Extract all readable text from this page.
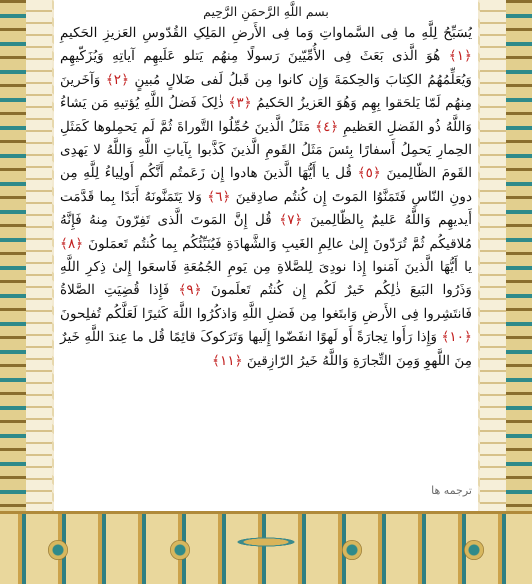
بسم اللَّهِ الرَّحمَنِ الرَّحِيم
يُسَبِّحُ لِلَّهِ ما فِی السَّماواتِ وَما فِی الأَرضِ المَلِکِ القُدّوسِ العَزيزِ الحَکيمِ ﴿١﴾ هُوَ الَّذی بَعَثَ فِی الأُمِّيّينَ رَسولًا مِنهُم يَتلو عَلَيهِم آياتِهِ وَيُزَکّيهِم وَيُعَلِّمُهُمُ الکِتابَ وَالحِکمَةَ وَإِن کانوا مِن قَبلُ لَفی ضَلالٍ مُبينٍ ﴿٢﴾ وَآخَرينَ مِنهُم لَمّا يَلحَقوا بِهِم وَهُوَ العَزيزُ الحَکيمُ ﴿٣﴾ ذٰلِکَ فَضلُ اللَّهِ يُؤتيهِ مَن يَشاءُ وَاللَّهُ ذُو الفَضلِ العَظيمِ ﴿٤﴾ مَثَلُ الَّذينَ حُمِّلُوا التَّوراةَ ثُمَّ لَم يَحمِلوها کَمَثَلِ الحِمارِ يَحمِلُ أَسفارًا بِئسَ مَثَلُ القَومِ الَّذينَ کَذَّبوا بِآياتِ اللَّهِ وَاللَّهُ لا يَهدِی القَومَ الظّالِمينَ ﴿٥﴾ قُل يا أَيُّهَا الَّذينَ هادوا إِن زَعَمتُم أَنَّکُم أَولِياءُ لِلَّهِ مِن دونِ النّاسِ فَتَمَنَّوُا المَوتَ إِن کُنتُم صادِقينَ ﴿٦﴾ وَلا يَتَمَنَّونَهُ أَبَدًا بِما قَدَّمَت أَيديهِم وَاللَّهُ عَليمٌ بِالظّالِمينَ ﴿٧﴾ قُل إِنَّ المَوتَ الَّذی تَفِرّونَ مِنهُ فَإِنَّهُ مُلاقيکُم ثُمَّ تُرَدّونَ إِلیٰ عالِمِ الغَيبِ وَالشَّهادَةِ فَيُنَبِّئُکُم بِما کُنتُم تَعمَلونَ ﴿٨﴾ يا أَيُّهَا الَّذينَ آمَنوا إِذا نودِیَ لِلصَّلاةِ مِن يَومِ الجُمُعَةِ فَاسعَوا إِلیٰ ذِکرِ اللَّهِ وَذَرُوا البَيعَ ذٰلِکُم خَيرٌ لَکُم إِن کُنتُم تَعلَمونَ ﴿٩﴾ فَإِذا قُضِيَتِ الصَّلاةُ فَانتَشِروا فِی الأَرضِ وَابتَغوا مِن فَضلِ اللَّهِ وَاذکُرُوا اللَّهَ کَثيرًا لَعَلَّکُم تُفلِحونَ ﴿١٠﴾ وَإِذا رَأَوا تِجارَةً أَو لَهوًا انفَضّوا إِلَيها وَتَرَکوکَ قائِمًا قُل ما عِندَ اللَّهِ خَيرٌ مِنَ اللَّهوِ وَمِنَ التِّجارَةِ وَاللَّهُ خَيرُ الرّازِقينَ ﴿١١﴾
ترجمه ها
